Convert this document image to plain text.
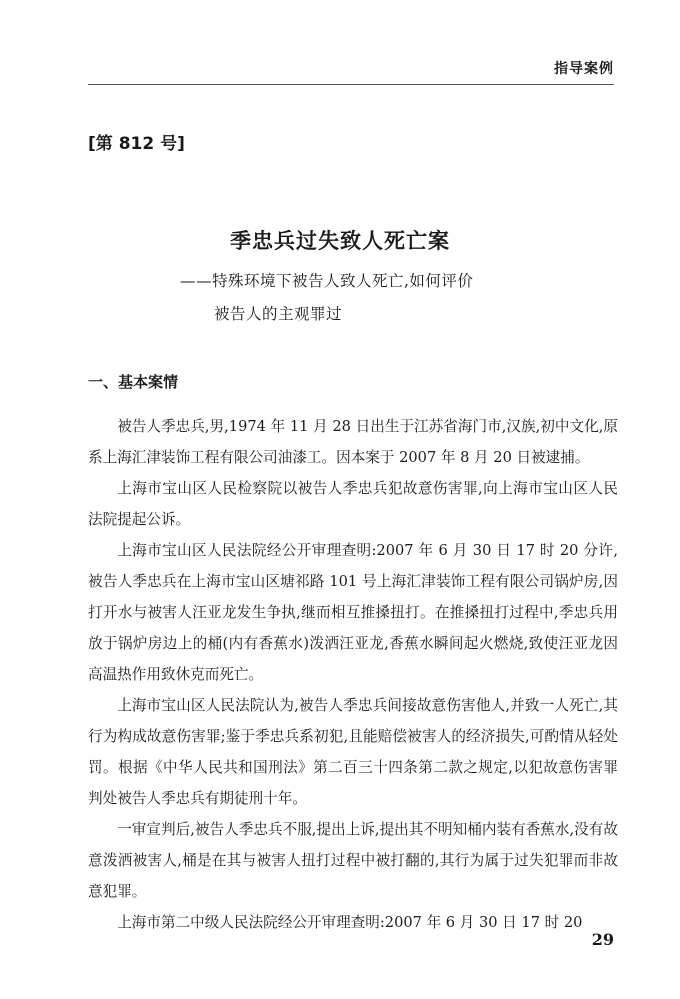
指导案例
[第 812 号]
季忠兵过失致人死亡案
——特殊环境下被告人致人死亡,如何评价
被告人的主观罪过
一、基本案情

被告人季忠兵,男,1974 年 11 月 28 日出生于江苏省海门市,汉族,初中文化,原系上海汇津装饰工程有限公司油漆工。因本案于 2007 年 8 月 20 日被逮捕。

上海市宝山区人民检察院以被告人季忠兵犯故意伤害罪,向上海市宝山区人民法院提起公诉。

上海市宝山区人民法院经公开审理查明:2007 年 6 月 30 日 17 时 20 分许,被告人季忠兵在上海市宝山区塘祁路 101 号上海汇津装饰工程有限公司锅炉房,因打开水与被害人汪亚龙发生争执,继而相互推搡扭打。在推搡扭打过程中,季忠兵用放于锅炉房边上的桶(内有香蕉水)泼洒汪亚龙,香蕉水瞬间起火燃烧,致使汪亚龙因高温热作用致休克而死亡。

上海市宝山区人民法院认为,被告人季忠兵间接故意伤害他人,并致一人死亡,其行为构成故意伤害罪;鉴于季忠兵系初犯,且能赔偿被害人的经济损失,可酌情从轻处罚。根据《中华人民共和国刑法》第二百三十四条第二款之规定,以犯故意伤害罪判处被告人季忠兵有期徒刑十年。

一审宣判后,被告人季忠兵不服,提出上诉,提出其不明知桶内装有香蕉水,没有故意泼洒被害人,桶是在其与被害人扭打过程中被打翻的,其行为属于过失犯罪而非故意犯罪。

上海市第二中级人民法院经公开审理查明:2007 年 6 月 30 日 17 时 20

29
